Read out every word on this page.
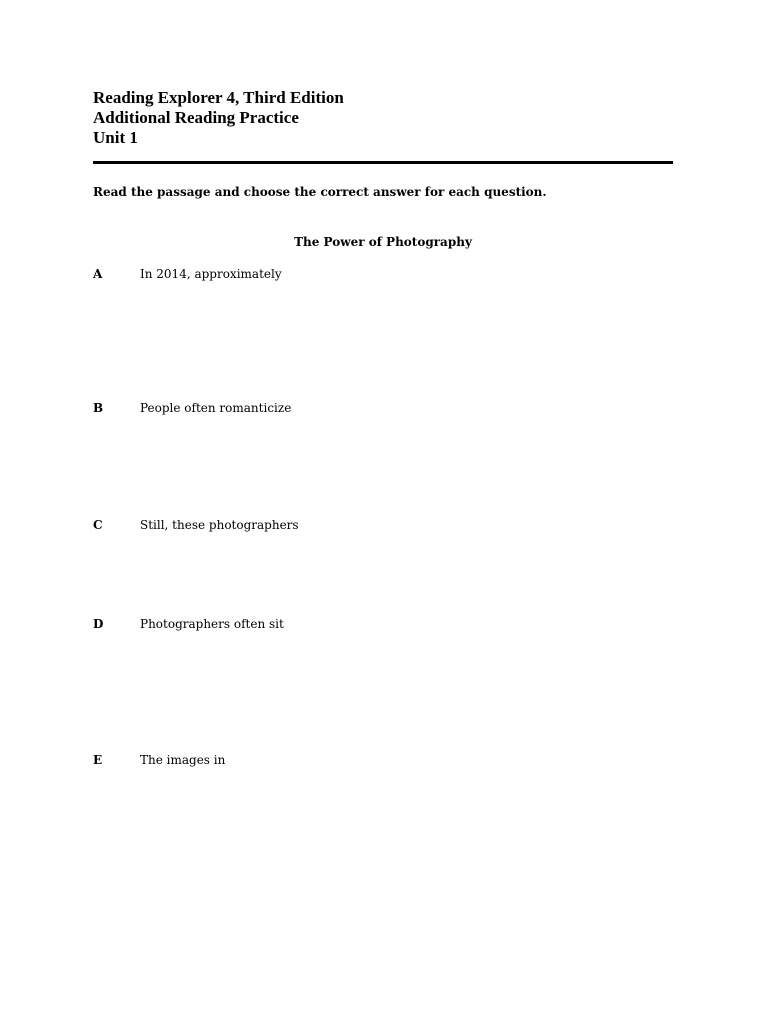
Reading Explorer 4, Third Edition
Additional Reading Practice
Unit 1
Read the passage and choose the correct answer for each question.
The Power of Photography

A	In 2014, approximately

B	People often romanticize

C	Still, these photographers

D	Photographers often sit

E	The images in
